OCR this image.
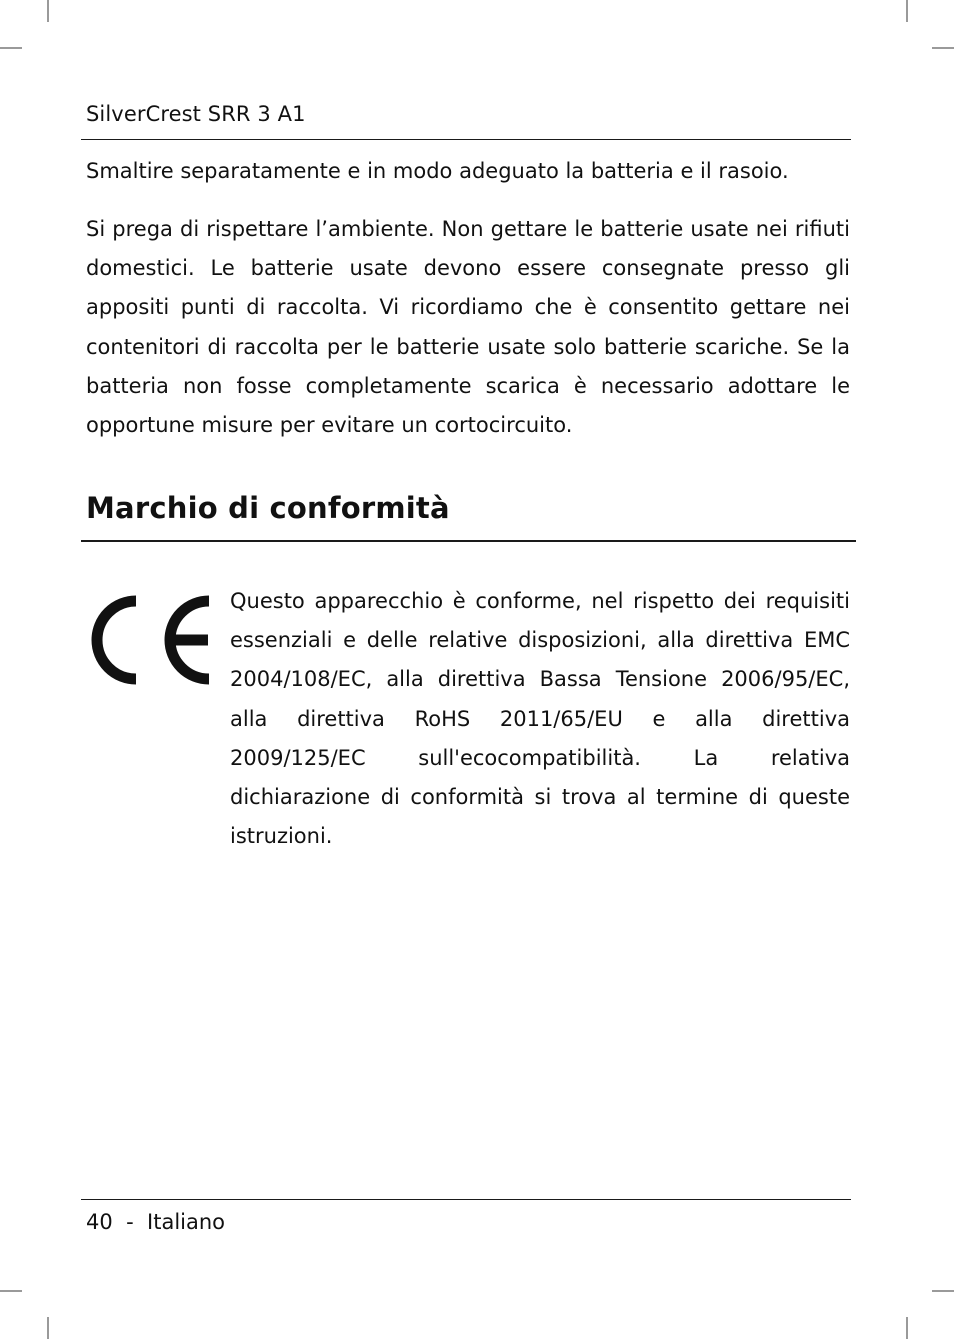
SilverCrest SRR 3 A1
Smaltire separatamente e in modo adeguato la batteria e il rasoio.

Si prega di rispettare l’ambiente. Non gettare le batterie usate nei rifiuti domestici. Le batterie usate devono essere consegnate presso gli appositi punti di raccolta. Vi ricordiamo che è consentito gettare nei contenitori di raccolta per le batterie usate solo batterie scariche. Se la batteria non fosse completamente scarica è necessario adottare le opportune misure per evitare un cortocircuito.

Marchio di conformità

Questo apparecchio è conforme, nel rispetto dei requisiti essenziali e delle relative disposizioni, alla direttiva EMC 2004/108/EC, alla direttiva Bassa Tensione 2006/95/EC, alla direttiva RoHS 2011/65/EU e alla direttiva 2009/125/EC sull'ecocompatibilità. La relativa dichiarazione di conformità si trova al termine di queste istruzioni.

40 - Italiano
